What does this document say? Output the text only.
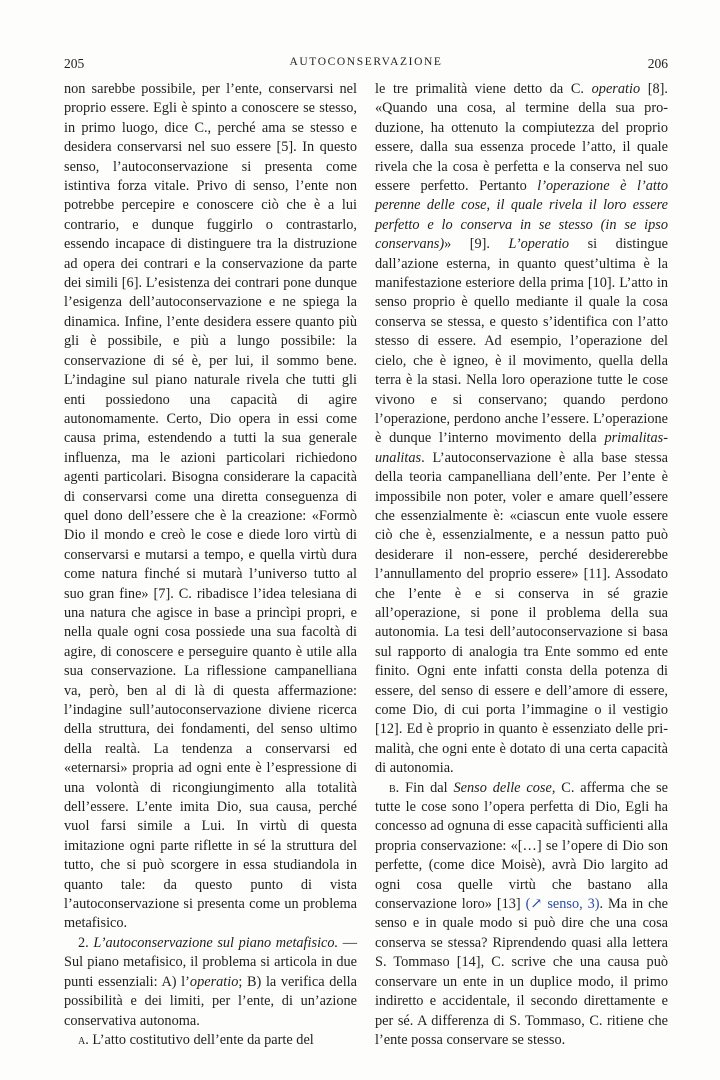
205	AUTOCONSERVAZIONE	206

non sarebbe possibile, per l’ente, conservarsi nel proprio essere. Egli è spinto a conoscere se stesso, in primo luogo, dice C., perché ama se stesso e desidera conservarsi nel suo essere [5]. In questo senso, l’autoconservazione si presenta come istintiva forza vitale. Privo di senso, l’ente non potrebbe percepire e conoscere ciò che è a lui contrario, e dunque fuggirlo o contrastarlo, essendo incapace di distinguere tra la distruzione ad opera dei contrari e la conservazione da parte dei simili [6]. L’esistenza dei contrari pone dunque l’esigenza dell’autoconservazione e ne spiega la dinamica. Infine, l’ente desidera essere quanto più gli è possibile, e più a lungo possibile: la conservazione di sé è, per lui, il sommo bene. L’indagine sul piano naturale rivela che tutti gli enti possiedono una capacità di agire autonomamente. Certo, Dio opera in essi come causa prima, estendendo a tutti la sua generale influenza, ma le azioni particolari richiedono agenti particolari. Bisogna considerare la capacità di conservarsi come una diretta conseguenza di quel dono dell’essere che è la creazione: «Formò Dio il mondo e creò le cose e diede loro virtù di conservarsi e mutarsi a tempo, e quella virtù dura come natura finché si mutarà l’universo tutto al suo gran fine» [7]. C. ribadisce l’idea telesiana di una natura che agisce in base a princìpi propri, e nella quale ogni cosa possiede una sua facoltà di agire, di conoscere e perseguire quanto è utile alla sua conservazione. La riflessione campanelliana va, però, ben al di là di questa affermazione: l’indagine sull’autoconservazione diviene ricerca della struttura, dei fondamenti, del senso ultimo della realtà. La tendenza a conservarsi ed «eternarsi» propria ad ogni ente è l’espressione di una volontà di ricongiungimento alla totalità dell’essere. L’ente imita Dio, sua causa, perché vuol farsi simile a Lui. In virtù di questa imitazione ogni parte riflette in sé la struttura del tutto, che si può scorgere in essa studiandola in quanto tale: da questo punto di vista l’autoconservazione si presenta come un problema metafisico.

2. L’autoconservazione sul piano metafisico. — Sul piano metafisico, il problema si articola in due punti essenziali: A) l’operatio; B) la verifica della possibilità e dei limiti, per l’ente, di un’azione conservativa autonoma.

a. L’atto costitutivo dell’ente da parte del

le tre primalità viene detto da C. operatio [8]. «Quando una cosa, al termine della sua produzione, ha ottenuto la compiutezza del proprio essere, dalla sua essenza procede l’atto, il quale rivela che la cosa è perfetta e la conserva nel suo essere perfetto. Pertanto l’operazione è l’atto perenne delle cose, il quale rivela il loro essere perfetto e lo conserva in se stesso (in se ipso conservans)» [9]. L’operatio si distingue dall’azione esterna, in quanto quest’ultima è la manifestazione esteriore della prima [10]. L’atto in senso proprio è quello mediante il quale la cosa conserva se stessa, e questo s’identifica con l’atto stesso di essere. Ad esempio, l’operazione del cielo, che è igneo, è il movimento, quella della terra è la stasi. Nella loro operazione tutte le cose vivono e si conservano; quando perdono l’operazione, perdono anche l’essere. L’operazione è dunque l’interno movimento della primalitasunalitas. L’autoconservazione è alla base stessa della teoria campanelliana dell’ente. Per l’ente è impossibile non poter, voler e amare quell’essere che essenzialmente è: «ciascun ente vuole essere ciò che è, essenzialmente, e a nessun patto può desiderare il non-essere, perché desidererebbe l’annullamento del proprio essere» [11]. Assodato che l’ente è e si conserva in sé grazie all’operazione, si pone il problema della sua autonomia. La tesi dell’autoconservazione si basa sul rapporto di analogia tra Ente sommo ed ente finito. Ogni ente infatti consta della potenza di essere, del senso di essere e dell’amore di essere, come Dio, di cui porta l’immagine o il vestigio [12]. Ed è proprio in quanto è essenziato delle primalità, che ogni ente è dotato di una certa capacità di autonomia.

b. Fin dal Senso delle cose, C. afferma che se tutte le cose sono l’opera perfetta di Dio, Egli ha concesso ad ognuna di esse capacità sufficienti alla propria conservazione: «[…] se l’opere di Dio son perfette, (come dice Moisè), avrà Dio largito ad ogni cosa quelle virtù che bastano alla conservazione loro» [13] (↗ senso, 3). Ma in che senso e in quale modo si può dire che una cosa conserva se stessa? Riprendendo quasi alla lettera S. Tommaso [14], C. scrive che una causa può conservare un ente in un duplice modo, il primo indiretto e accidentale, il secondo direttamente e per sé. A differenza di S. Tommaso, C. ritiene che l’ente possa conservare se stesso.
